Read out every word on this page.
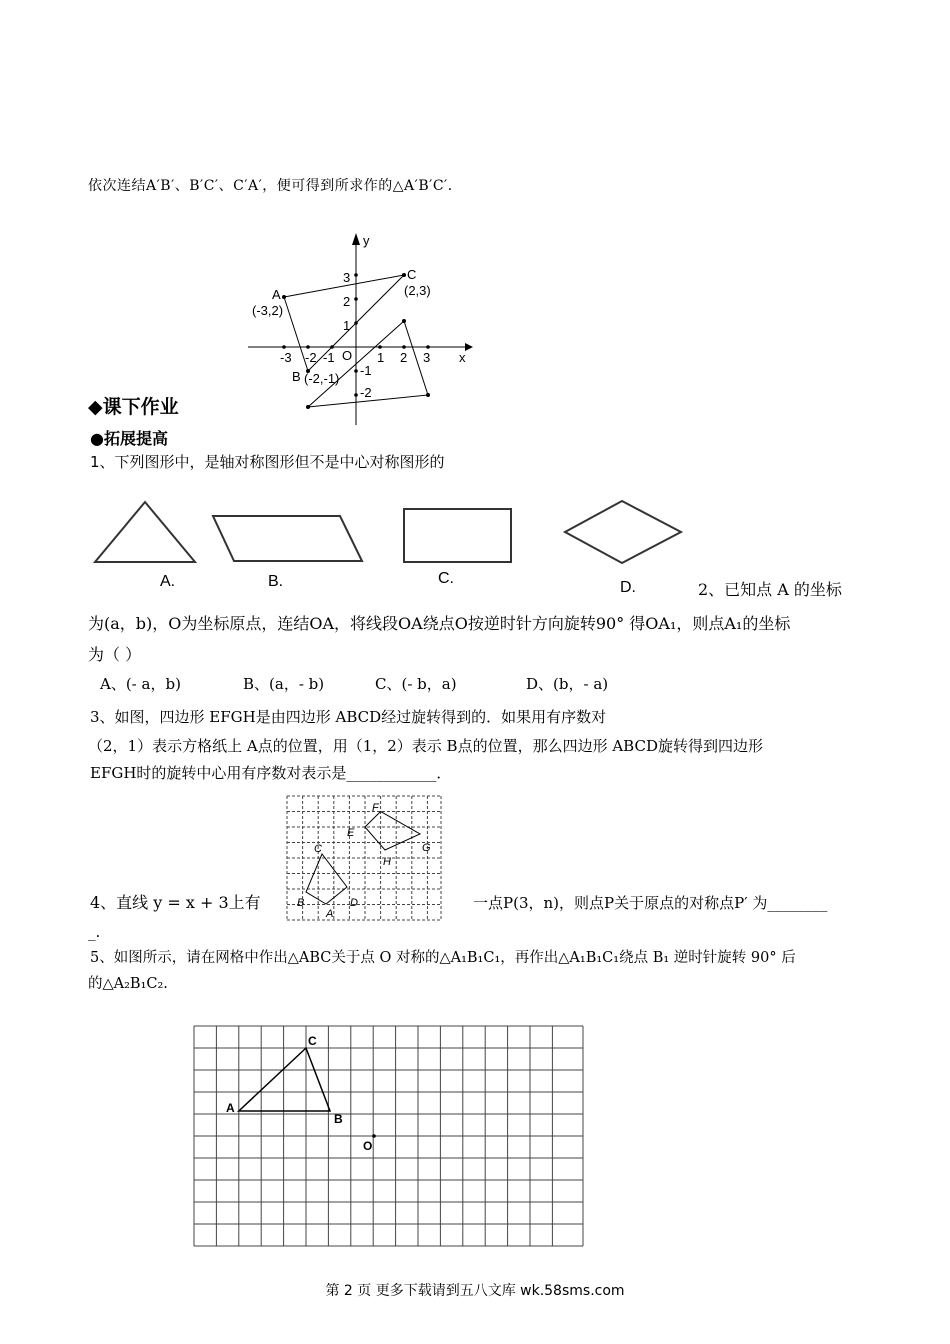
依次连结A′B′、B′C′、C′A′，便可得到所求作的△A′B′C′．
x
y
O
-3 -2 -1	1 2 3
3
2
1
-1
-2
A
(-3,2)
B (-2,-1)
C
(2,3)
◆课下作业
●拓展提高
1、下列图形中，是轴对称图形但不是中心对称图形的
A.	B.	C.
D.	2、已知点 A 的坐标
为(a，b)，O为坐标原点，连结OA，将线段OA绕点O按逆时针方向旋转90° 得OA₁，则点A₁的坐标
为（ ）
A、(- a，b)	B、(a，- b)	C、(- b，a)	D、(b，- a)
3、如图，四边形 EFGH是由四边形 ABCD经过旋转得到的．如果用有序数对
（2，1）表示方格纸上 A点的位置，用（1，2）表示 B点的位置，那么四边形 ABCD旋转得到四边形
EFGH时的旋转中心用有序数对表示是____________．
A
B
C
D
E
F
G
H
4、直线 y = x + 3上有	一点P(3，n)，则点P关于原点的对称点P′ 为________
_.
5、如图所示，请在网格中作出△ABC关于点 O 对称的△A₁B₁C₁，再作出△A₁B₁C₁绕点 B₁ 逆时针旋转 90° 后
的△A₂B₁C₂.
A
B
C
O
第 2 页 更多下载请到五八文库 wk.58sms.com
